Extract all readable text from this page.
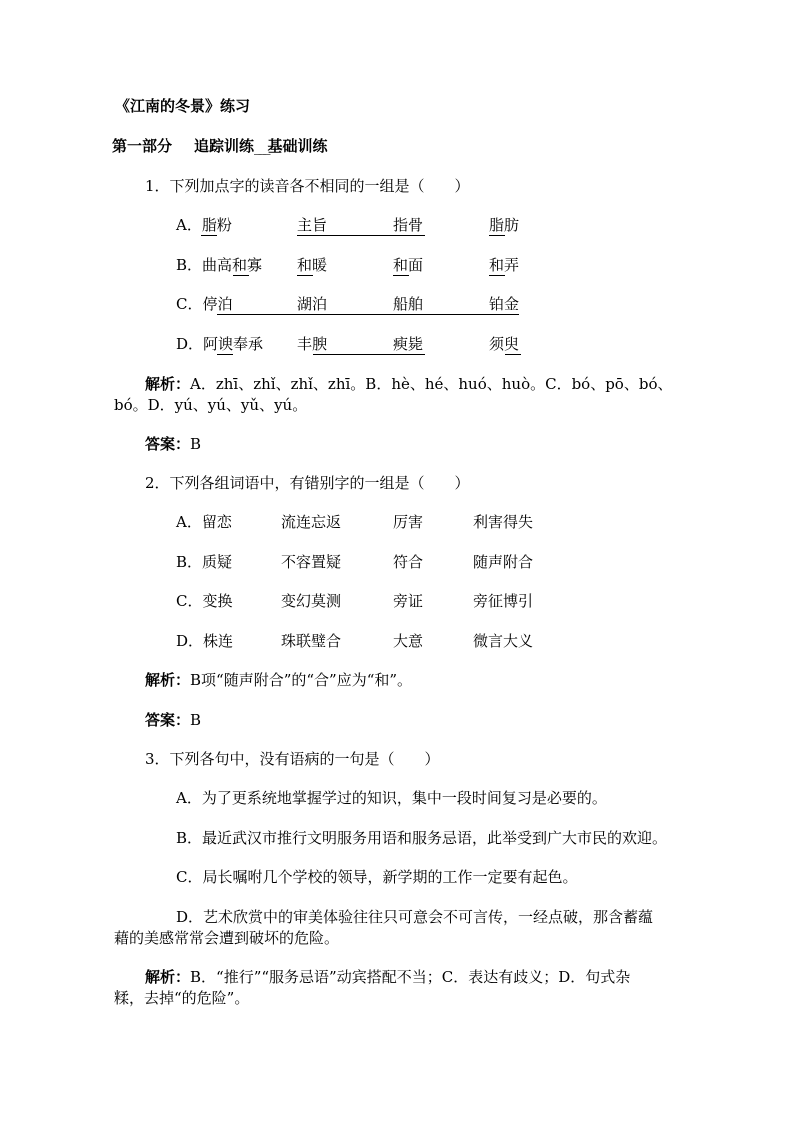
《江南的冬景》练习
第一部分 追踪训练___基础训练
1．下列加点字的读音各不相同的一组是（　　）
A．脂粉	主旨	指骨	脂肪
B．曲高和寡 和暖	和面	和弄
C．停泊	湖泊	船舶	铂金
D．阿谀奉承 丰腴	瘐毙	须臾
解析：A．zhī、zhǐ、zhǐ、zhī。B．hè、hé、huó、huò。C．bó、pō、bó、
bó。D．yú、yú、yǔ、yú。
答案：B
2．下列各组词语中，有错别字的一组是（　　）
A．留恋	流连忘返	厉害	利害得失
B．质疑	不容置疑	符合	随声附合
C．变换	变幻莫测	旁证	旁征博引
D．株连	珠联璧合	大意	微言大义
解析：B项“随声附合”的“合”应为“和”。
答案：B
3．下列各句中，没有语病的一句是（　　）
A．为了更系统地掌握学过的知识，集中一段时间复习是必要的。
B．最近武汉市推行文明服务用语和服务忌语，此举受到广大市民的欢迎。
C．局长嘱咐几个学校的领导，新学期的工作一定要有起色。
D．艺术欣赏中的审美体验往往只可意会不可言传，一经点破，那含蓄蕴
藉的美感常常会遭到破坏的危险。
解析：B．“推行”“服务忌语”动宾搭配不当；C．表达有歧义；D．句式杂
糅，去掉“的危险”。
